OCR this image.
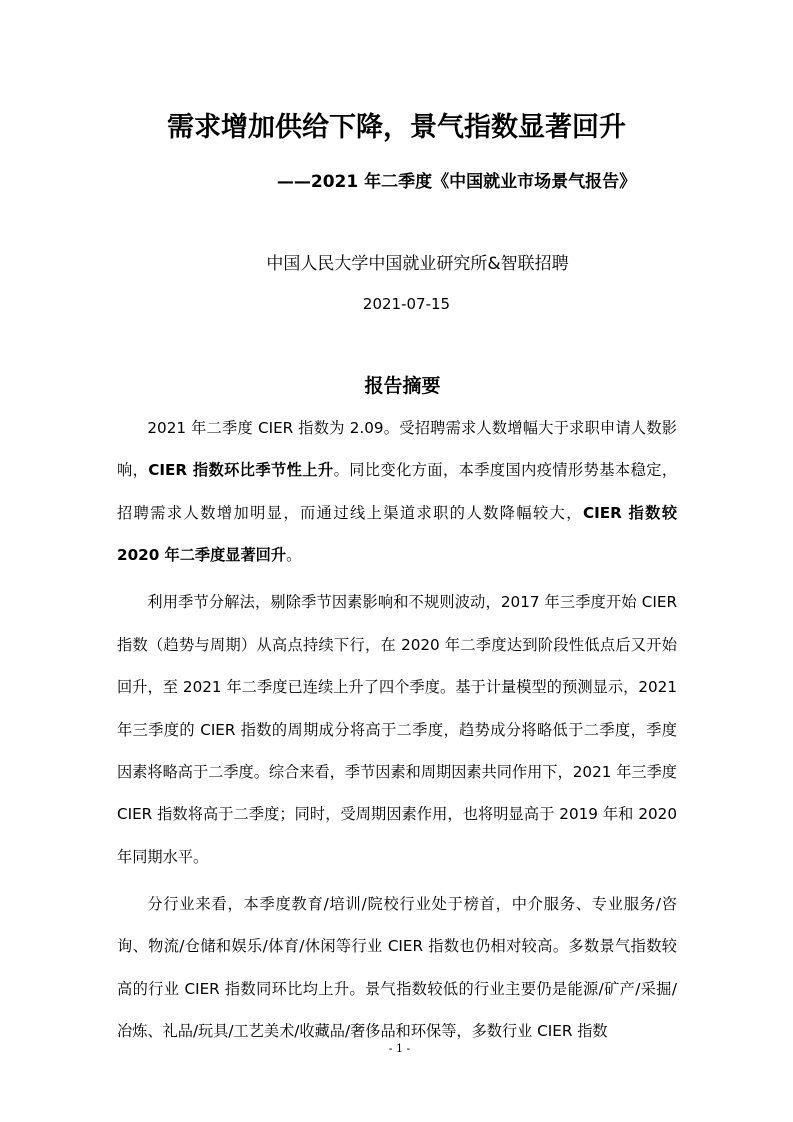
需求增加供给下降，景气指数显著回升
——2021 年二季度《中国就业市场景气报告》
中国人民大学中国就业研究所&智联招聘
2021-07-15
报告摘要

2021 年二季度 CIER 指数为 2.09。受招聘需求人数增幅大于求职申请人数影响，CIER 指数环比季节性上升。同比变化方面，本季度国内疫情形势基本稳定，招聘需求人数增加明显，而通过线上渠道求职的人数降幅较大，CIER 指数较 2020 年二季度显著回升。

利用季节分解法，剔除季节因素影响和不规则波动，2017 年三季度开始 CIER 指数（趋势与周期）从高点持续下行，在 2020 年二季度达到阶段性低点后又开始回升，至 2021 年二季度已连续上升了四个季度。基于计量模型的预测显示，2021 年三季度的 CIER 指数的周期成分将高于二季度，趋势成分将略低于二季度，季度因素将略高于二季度。综合来看，季节因素和周期因素共同作用下，2021 年三季度 CIER 指数将高于二季度；同时，受周期因素作用，也将明显高于 2019 年和 2020 年同期水平。

分行业来看，本季度教育/培训/院校行业处于榜首，中介服务、专业服务/咨询、物流/仓储和娱乐/体育/休闲等行业 CIER 指数也仍相对较高。多数景气指数较高的行业 CIER 指数同环比均上升。景气指数较低的行业主要仍是能源/矿产/采掘/冶炼、礼品/玩具/工艺美术/收藏品/奢侈品和环保等，多数行业 CIER 指数

- 1 -
